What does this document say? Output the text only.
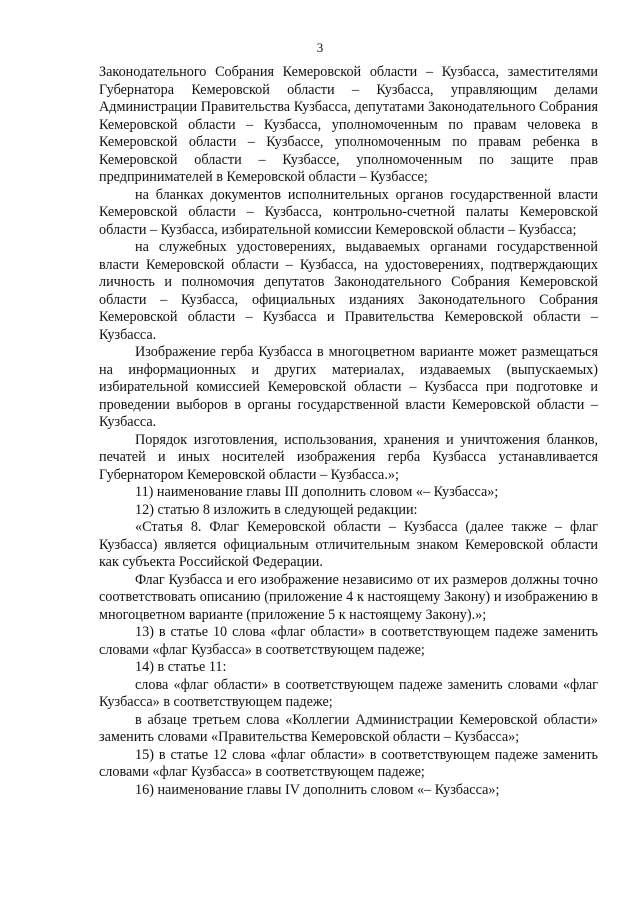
3

Законодательного Собрания Кемеровской области – Кузбасса, заместителями Губернатора Кемеровской области – Кузбасса, управляющим делами Администрации Правительства Кузбасса, депутатами Законодательного Собрания Кемеровской области – Кузбасса, уполномоченным по правам человека в Кемеровской области – Кузбассе, уполномоченным по правам ребенка в Кемеровской области – Кузбассе, уполномоченным по защите прав предпринимателей в Кемеровской области – Кузбассе;

на бланках документов исполнительных органов государственной власти Кемеровской области – Кузбасса, контрольно-счетной палаты Кемеровской области – Кузбасса, избирательной комиссии Кемеровской области – Кузбасса;

на служебных удостоверениях, выдаваемых органами государственной власти Кемеровской области – Кузбасса, на удостоверениях, подтверждающих личность и полномочия депутатов Законодательного Собрания Кемеровской области – Кузбасса, официальных изданиях Законодательного Собрания Кемеровской области – Кузбасса и Правительства Кемеровской области – Кузбасса.

Изображение герба Кузбасса в многоцветном варианте может размещаться на информационных и других материалах, издаваемых (выпускаемых) избирательной комиссией Кемеровской области – Кузбасса при подготовке и проведении выборов в органы государственной власти Кемеровской области – Кузбасса.

Порядок изготовления, использования, хранения и уничтожения бланков, печатей и иных носителей изображения герба Кузбасса устанавливается Губернатором Кемеровской области – Кузбасса.»;

11) наименование главы III дополнить словом «– Кузбасса»;

12) статью 8 изложить в следующей редакции:

«Статья 8. Флаг Кемеровской области – Кузбасса (далее также – флаг Кузбасса) является официальным отличительным знаком Кемеровской области как субъекта Российской Федерации.

Флаг Кузбасса и его изображение независимо от их размеров должны точно соответствовать описанию (приложение 4 к настоящему Закону) и изображению в многоцветном варианте (приложение 5 к настоящему Закону).»;

13) в статье 10 слова «флаг области» в соответствующем падеже заменить словами «флаг Кузбасса» в соответствующем падеже;

14) в статье 11:

слова «флаг области» в соответствующем падеже заменить словами «флаг Кузбасса» в соответствующем падеже;

в абзаце третьем слова «Коллегии Администрации Кемеровской области» заменить словами «Правительства Кемеровской области – Кузбасса»;

15) в статье 12 слова «флаг области» в соответствующем падеже заменить словами «флаг Кузбасса» в соответствующем падеже;

16) наименование главы IV дополнить словом «– Кузбасса»;
